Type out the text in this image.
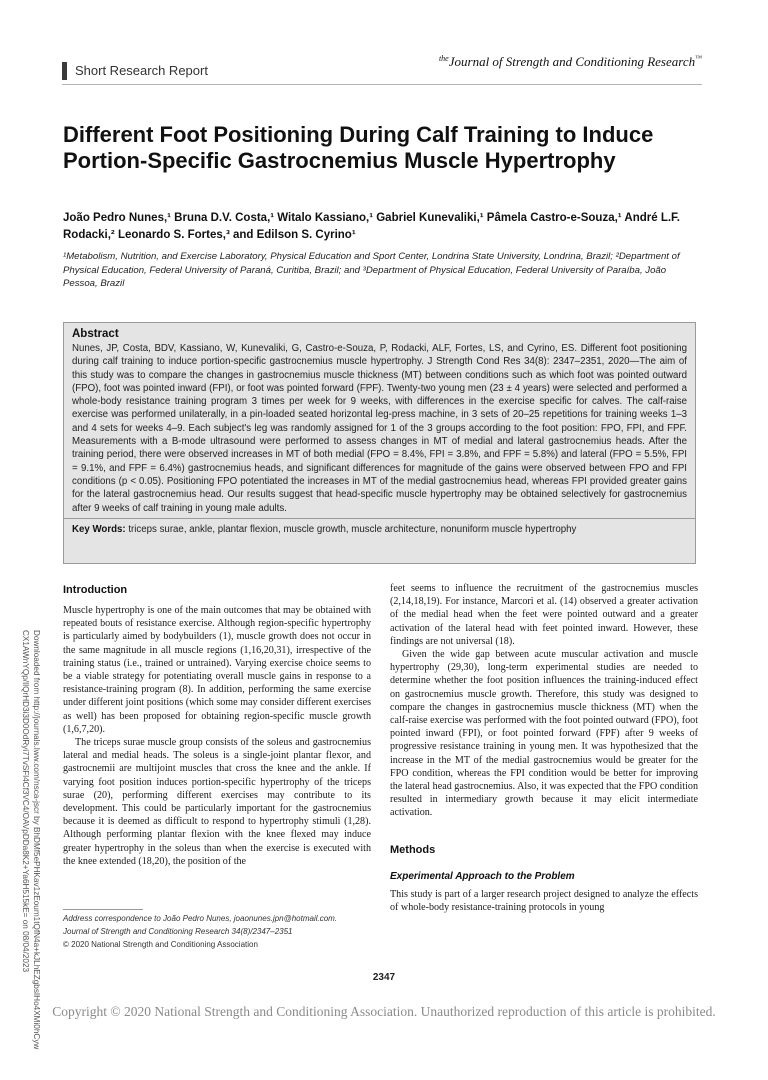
Short Research Report
$^{the}$Journal of Strength and Conditioning Research™
Downloaded from http://journals.lww.com/nsca-jscr by BhDMf5ePHKav1zEoum1tQfN4a+kJLhEZgbsIHo4XMi0hCyw CX1AWnYQp/IlQrHD3i3D0OdRyi7TvSFl4Cf3VC4/OAVpDDa8K2+Ya6H515kE= on 08/04/2023
Different Foot Positioning During Calf Training to Induce Portion-Specific Gastrocnemius Muscle Hypertrophy
João Pedro Nunes,¹ Bruna D.V. Costa,¹ Witalo Kassiano,¹ Gabriel Kunevaliki,¹ Pâmela Castro-e-Souza,¹ André L.F. Rodacki,² Leonardo S. Fortes,³ and Edilson S. Cyrino¹
¹Metabolism, Nutrition, and Exercise Laboratory, Physical Education and Sport Center, Londrina State University, Londrina, Brazil; ²Department of Physical Education, Federal University of Paraná, Curitiba, Brazil; and ³Department of Physical Education, Federal University of Paraíba, João Pessoa, Brazil
Abstract
Nunes, JP, Costa, BDV, Kassiano, W, Kunevaliki, G, Castro-e-Souza, P, Rodacki, ALF, Fortes, LS, and Cyrino, ES. Different foot positioning during calf training to induce portion-specific gastrocnemius muscle hypertrophy. J Strength Cond Res 34(8): 2347–2351, 2020—The aim of this study was to compare the changes in gastrocnemius muscle thickness (MT) between conditions such as which foot was pointed outward (FPO), foot was pointed inward (FPI), or foot was pointed forward (FPF). Twenty-two young men (23 ± 4 years) were selected and performed a whole-body resistance training program 3 times per week for 9 weeks, with differences in the exercise specific for calves. The calf-raise exercise was performed unilaterally, in a pin-loaded seated horizontal leg-press machine, in 3 sets of 20–25 repetitions for training weeks 1–3 and 4 sets for weeks 4–9. Each subject's leg was randomly assigned for 1 of the 3 groups according to the foot position: FPO, FPI, and FPF. Measurements with a B-mode ultrasound were performed to assess changes in MT of medial and lateral gastrocnemius heads. After the training period, there were observed increases in MT of both medial (FPO = 8.4%, FPI = 3.8%, and FPF = 5.8%) and lateral (FPO = 5.5%, FPI = 9.1%, and FPF = 6.4%) gastrocnemius heads, and significant differences for magnitude of the gains were observed between FPO and FPI conditions (p < 0.05). Positioning FPO potentiated the increases in MT of the medial gastrocnemius head, whereas FPI provided greater gains for the lateral gastrocnemius head. Our results suggest that head-specific muscle hypertrophy may be obtained selectively for gastrocnemius after 9 weeks of calf training in young male adults.
Key Words: triceps surae, ankle, plantar flexion, muscle growth, muscle architecture, nonuniform muscle hypertrophy
Introduction

Muscle hypertrophy is one of the main outcomes that may be obtained with repeated bouts of resistance exercise. Although region-specific hypertrophy is particularly aimed by bodybuilders (1), muscle growth does not occur in the same magnitude in all muscle regions (1,16,20,31), irrespective of the training status (i.e., trained or untrained). Varying exercise choice seems to be a viable strategy for potentiating overall muscle gains in response to a resistance-training program (8). In addition, performing the same exercise under different joint positions (which some may consider different exercises as well) has been proposed for obtaining region-specific muscle growth (1,6,7,20).

The triceps surae muscle group consists of the soleus and gastrocnemius lateral and medial heads. The soleus is a single-joint plantar flexor, and gastrocnemii are multijoint muscles that cross the knee and the ankle. If varying foot position induces portion-specific hypertrophy of the triceps surae (20), performing different exercises may contribute to its development. This could be particularly important for the gastrocnemius because it is deemed as difficult to respond to hypertrophy stimuli (1,28). Although performing plantar flexion with the knee flexed may induce greater hypertrophy in the soleus than when the exercise is executed with the knee extended (18,20), the position of the

feet seems to influence the recruitment of the gastrocnemius muscles (2,14,18,19). For instance, Marcori et al. (14) observed a greater activation of the medial head when the feet were pointed outward and a greater activation of the lateral head with feet pointed inward. However, these findings are not universal (18).

Given the wide gap between acute muscular activation and muscle hypertrophy (29,30), long-term experimental studies are needed to determine whether the foot position influences the training-induced effect on gastrocnemius muscle growth. Therefore, this study was designed to compare the changes in gastrocnemius muscle thickness (MT) when the calf-raise exercise was performed with the foot pointed outward (FPO), foot pointed inward (FPI), or foot pointed forward (FPF) after 9 weeks of progressive resistance training in young men. It was hypothesized that the increase in the MT of the medial gastrocnemius would be greater for the FPO condition, whereas the FPI condition would be better for improving the lateral head gastrocnemius. Also, it was expected that the FPO condition resulted in intermediary growth because it may elicit intermediate activation.

Methods
Experimental Approach to the Problem

This study is part of a larger research project designed to analyze the effects of whole-body resistance-training protocols in young

Address correspondence to João Pedro Nunes, joaonunes.jpn@hotmail.com.
Journal of Strength and Conditioning Research 34(8)/2347–2351
© 2020 National Strength and Conditioning Association
2347
Copyright © 2020 National Strength and Conditioning Association. Unauthorized reproduction of this article is prohibited.
